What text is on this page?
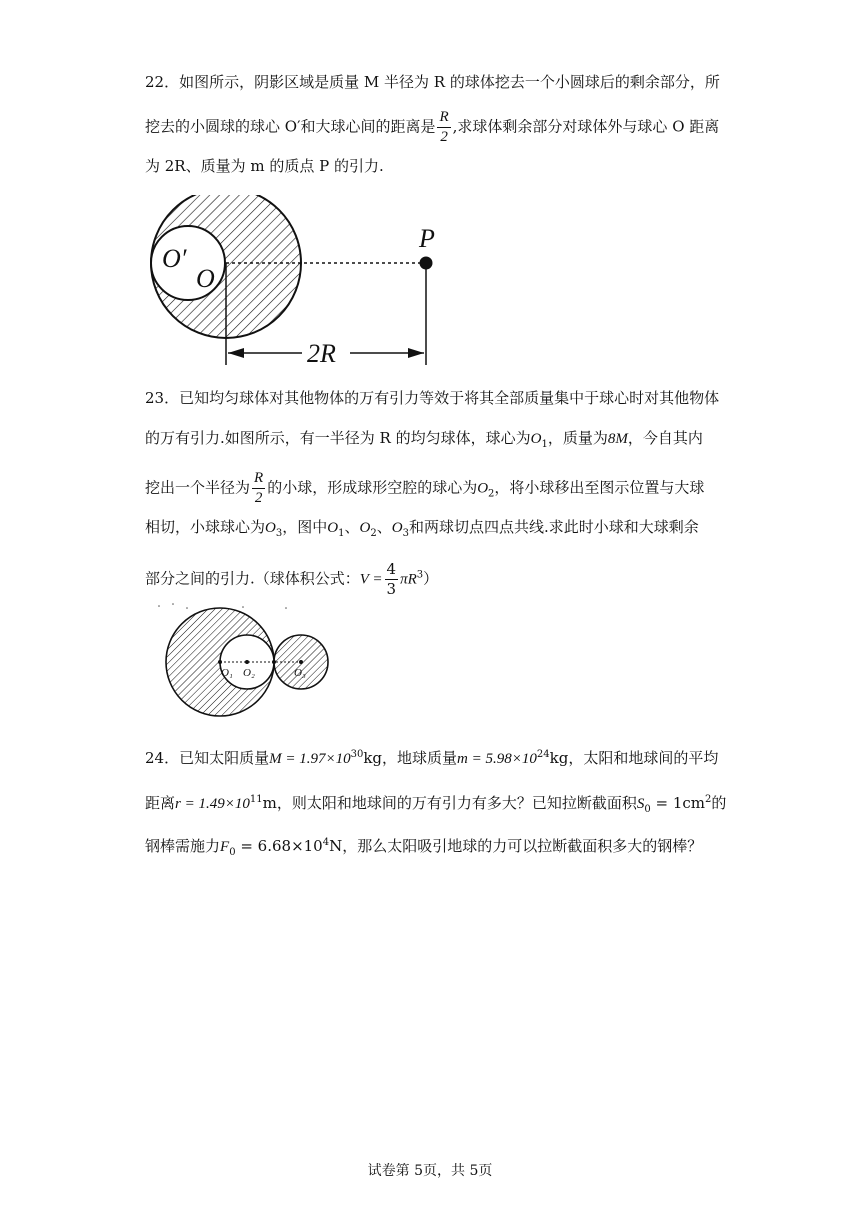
22．如图所示，阴影区域是质量 M 半径为 R 的球体挖去一个小圆球后的剩余部分，所
挖去的小圆球的球心 O′和大球心间的距离是 $\frac{R}{2}$ ,求球体剩余部分对球体外与球心 O 距离
为 2R、质量为 m 的质点 P 的引力.
O′
O
P
2R
23．已知均匀球体对其他物体的万有引力等效于将其全部质量集中于球心时对其他物体
的万有引力.如图所示，有一半径为 R 的均匀球体，球心为$O_1$，质量为8M，今自其内
挖出一个半径为 $\frac{R}{2}$ 的小球，形成球形空腔的球心为$O_2$，将小球移出至图示位置与大球
相切，小球球心为$O_3$，图中$O_1$、$O_2$、$O_3$和两球切点四点共线.求此时小球和大球剩余
部分之间的引力.（球体积公式：$V = \frac{4}{3} \pi R^3$）
O₁ O₂	O₃
24．已知太阳质量$M = 1.97\times 10^{30}kg$，地球质量$m = 5.98\times 10^{24}kg$，太阳和地球间的平均
距离$r = 1.49\times 10^{11}m$，则太阳和地球间的万有引力有多大？已知拉断截面积$S_0 = 1cm^2$的
钢棒需施力$F_0 = 6.68\times 10^4N$，那么太阳吸引地球的力可以拉断截面积多大的钢棒？
试卷第 5页，共 5页
